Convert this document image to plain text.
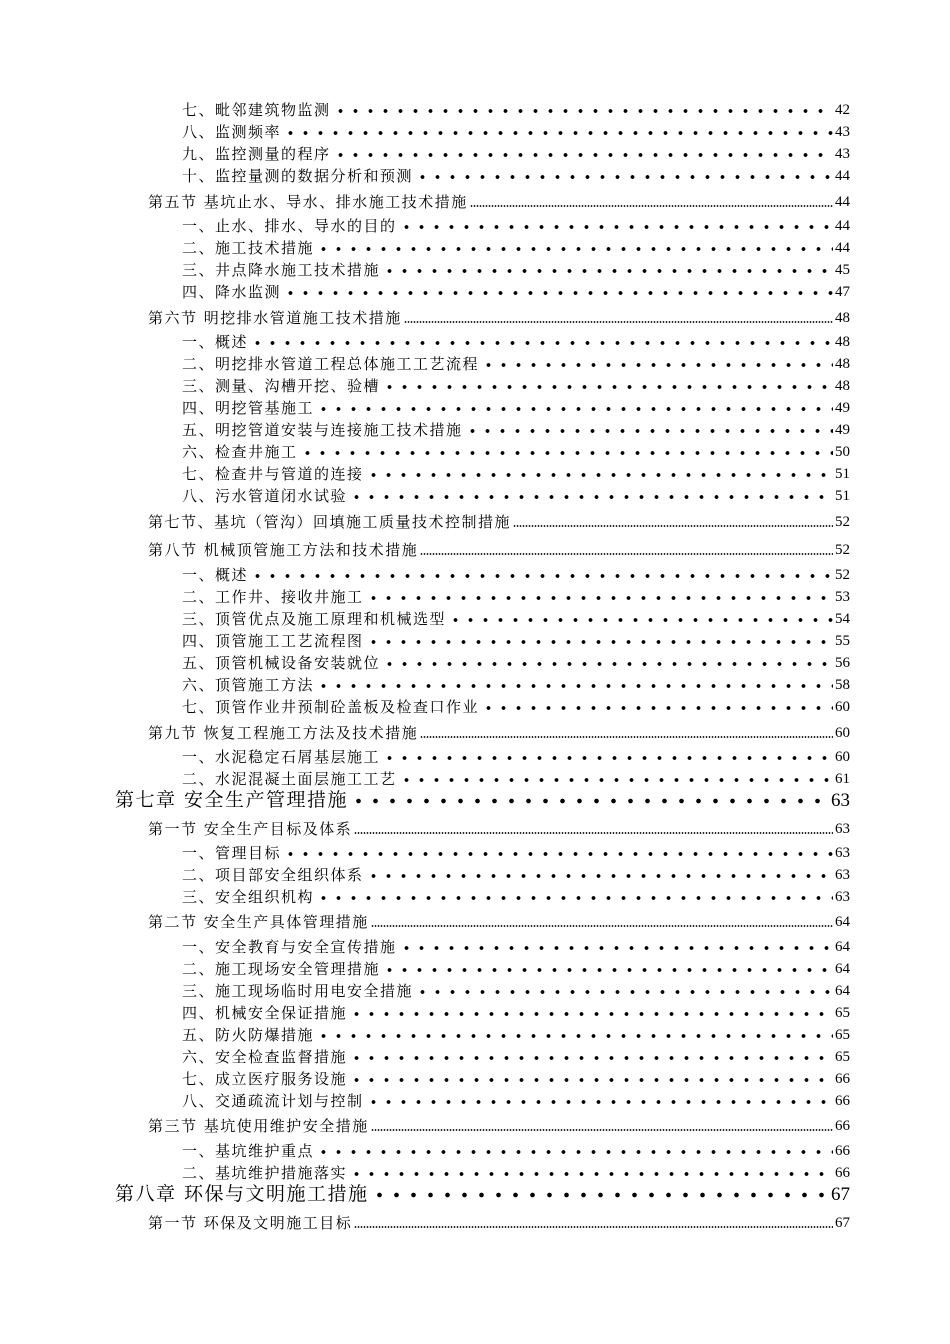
七、毗邻建筑物监测	42
八、监测频率	43
九、监控测量的程序	43
十、监控量测的数据分析和预测	44
第五节 基坑止水、导水、排水施工技术措施	44
一、止水、排水、导水的目的	44
二、施工技术措施	44
三、井点降水施工技术措施	45
四、降水监测	47
第六节 明挖排水管道施工技术措施	48
一、概述	48
二、明挖排水管道工程总体施工工艺流程	48
三、测量、沟槽开挖、验槽	48
四、明挖管基施工	49
五、明挖管道安装与连接施工技术措施	49
六、检查井施工	50
七、检查井与管道的连接	51
八、污水管道闭水试验	51
第七节、基坑（管沟）回填施工质量技术控制措施	52
第八节 机械顶管施工方法和技术措施	52
一、概述	52
二、工作井、接收井施工	53
三、顶管优点及施工原理和机械选型	54
四、顶管施工工艺流程图	55
五、顶管机械设备安装就位	56
六、顶管施工方法	58
七、顶管作业井预制砼盖板及检查口作业	60
第九节 恢复工程施工方法及技术措施	60
一、水泥稳定石屑基层施工	60
二、水泥混凝土面层施工工艺	61
第七章 安全生产管理措施	63
第一节 安全生产目标及体系	63
一、管理目标	63
二、项目部安全组织体系	63
三、安全组织机构	63
第二节 安全生产具体管理措施	64
一、安全教育与安全宣传措施	64
二、施工现场安全管理措施	64
三、施工现场临时用电安全措施	64
四、机械安全保证措施	65
五、防火防爆措施	65
六、安全检查监督措施	65
七、成立医疗服务设施	66
八、交通疏流计划与控制	66
第三节 基坑使用维护安全措施	66
一、基坑维护重点	66
二、基坑维护措施落实	66
第八章 环保与文明施工措施	67
第一节 环保及文明施工目标	67
